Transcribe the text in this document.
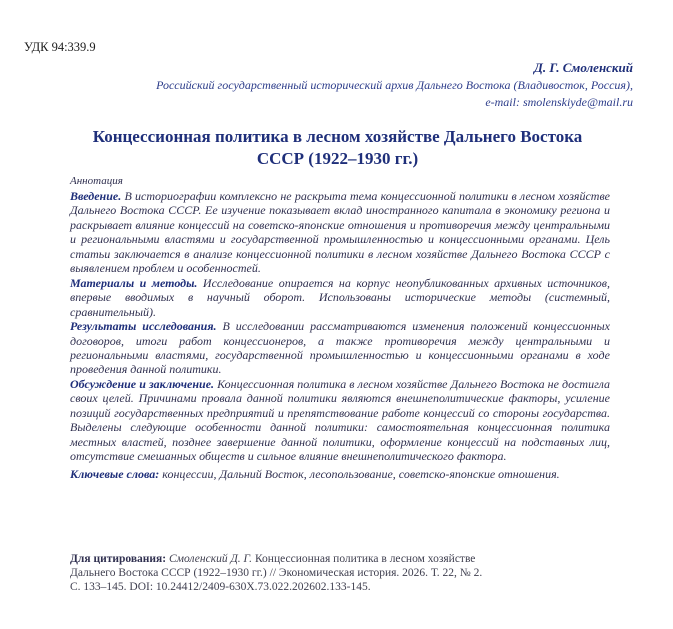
УДК 94:339.9
Д. Г. Смоленский
Российский государственный исторический архив Дальнего Востока (Владивосток, Россия),
e-mail: smolenskiyde@mail.ru
Концессионная политика в лесном хозяйстве Дальнего Востока
СССР (1922–1930 гг.)

Аннотация

Введение. В историографии комплексно не раскрыта тема концессионной политики в лесном хозяйстве Дальнего Востока СССР. Ее изучение показывает вклад иностранного капитала в экономику региона и раскрывает влияние концессий на советско-японские отношения и противоречия между центральными и региональными властями и государственной промышленностью и концессионными органами. Цель статьи заключается в анализе концессионной политики в лесном хозяйстве Дальнего Востока СССР с выявлением проблем и особенностей.

Материалы и методы. Исследование опирается на корпус неопубликованных архивных источников, впервые вводимых в научный оборот. Использованы исторические методы (системный, сравнительный).

Результаты исследования. В исследовании рассматриваются изменения положений концессионных договоров, итоги работ концессионеров, а также противоречия между центральными и региональными властями, государственной промышленностью и концессионными органами в ходе проведения данной политики.

Обсуждение и заключение. Концессионная политика в лесном хозяйстве Дальнего Востока не достигла своих целей. Причинами провала данной политики являются внешнеполитические факторы, усиление позиций государственных предприятий и препятствование работе концессий со стороны государства. Выделены следующие особенности данной политики: самостоятельная концессионная политика местных властей, позднее завершение данной политики, оформление концессий на подставных лиц, отсутствие смешанных обществ и сильное влияние внешнеполитического фактора.

Ключевые слова: концессии, Дальний Восток, лесопользование, советско-японские отношения.

Для цитирования: Смоленский Д. Г. Концессионная политика в лесном хозяйстве
Дальнего Востока СССР (1922–1930 гг.) // Экономическая история. 2026. Т. 22, № 2.
С. 133–145. DOI: 10.24412/2409-630X.73.022.202602.133-145.
